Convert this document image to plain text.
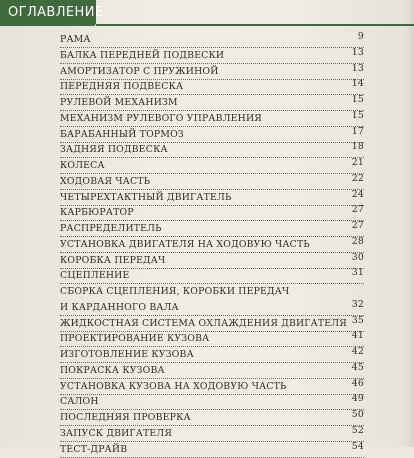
ОГЛАВЛЕНИЕ
РАМА	9
БАЛКА ПЕРЕДНЕЙ ПОДВЕСКИ	13
АМОРТИЗАТОР С ПРУЖИНОЙ	13
ПЕРЕДНЯЯ ПОДВЕСКА	14
РУЛЕВОЙ МЕХАНИЗМ	15
МЕХАНИЗМ РУЛЕВОГО УПРАВЛЕНИЯ	15
БАРАБАННЫЙ ТОРМОЗ	17
ЗАДНЯЯ ПОДВЕСКА	18
КОЛЕСА	21
ХОДОВАЯ ЧАСТЬ	22
ЧЕТЫРЕХТАКТНЫЙ ДВИГАТЕЛЬ	24
КАРБЮРАТОР	27
РАСПРЕДЕЛИТЕЛЬ	27
УСТАНОВКА ДВИГАТЕЛЯ НА ХОДОВУЮ ЧАСТЬ	28
КОРОБКА ПЕРЕДАЧ	30
СЦЕПЛЕНИЕ	31
СБОРКА СЦЕПЛЕНИЯ, КОРОБКИ ПЕРЕДАЧ
И КАРДАННОГО ВАЛА	32
ЖИДКОСТНАЯ СИСТЕМА ОХЛАЖДЕНИЯ ДВИГАТЕЛЯ 35
ПРОЕКТИРОВАНИЕ КУЗОВА	41
ИЗГОТОВЛЕНИЕ КУЗОВА	42
ПОКРАСКА КУЗОВА	45
УСТАНОВКА КУЗОВА НА ХОДОВУЮ ЧАСТЬ	46
САЛОН	49
ПОСЛЕДНЯЯ ПРОВЕРКА	50
ЗАПУСК ДВИГАТЕЛЯ	52
ТЕСТ-ДРАЙВ	54
